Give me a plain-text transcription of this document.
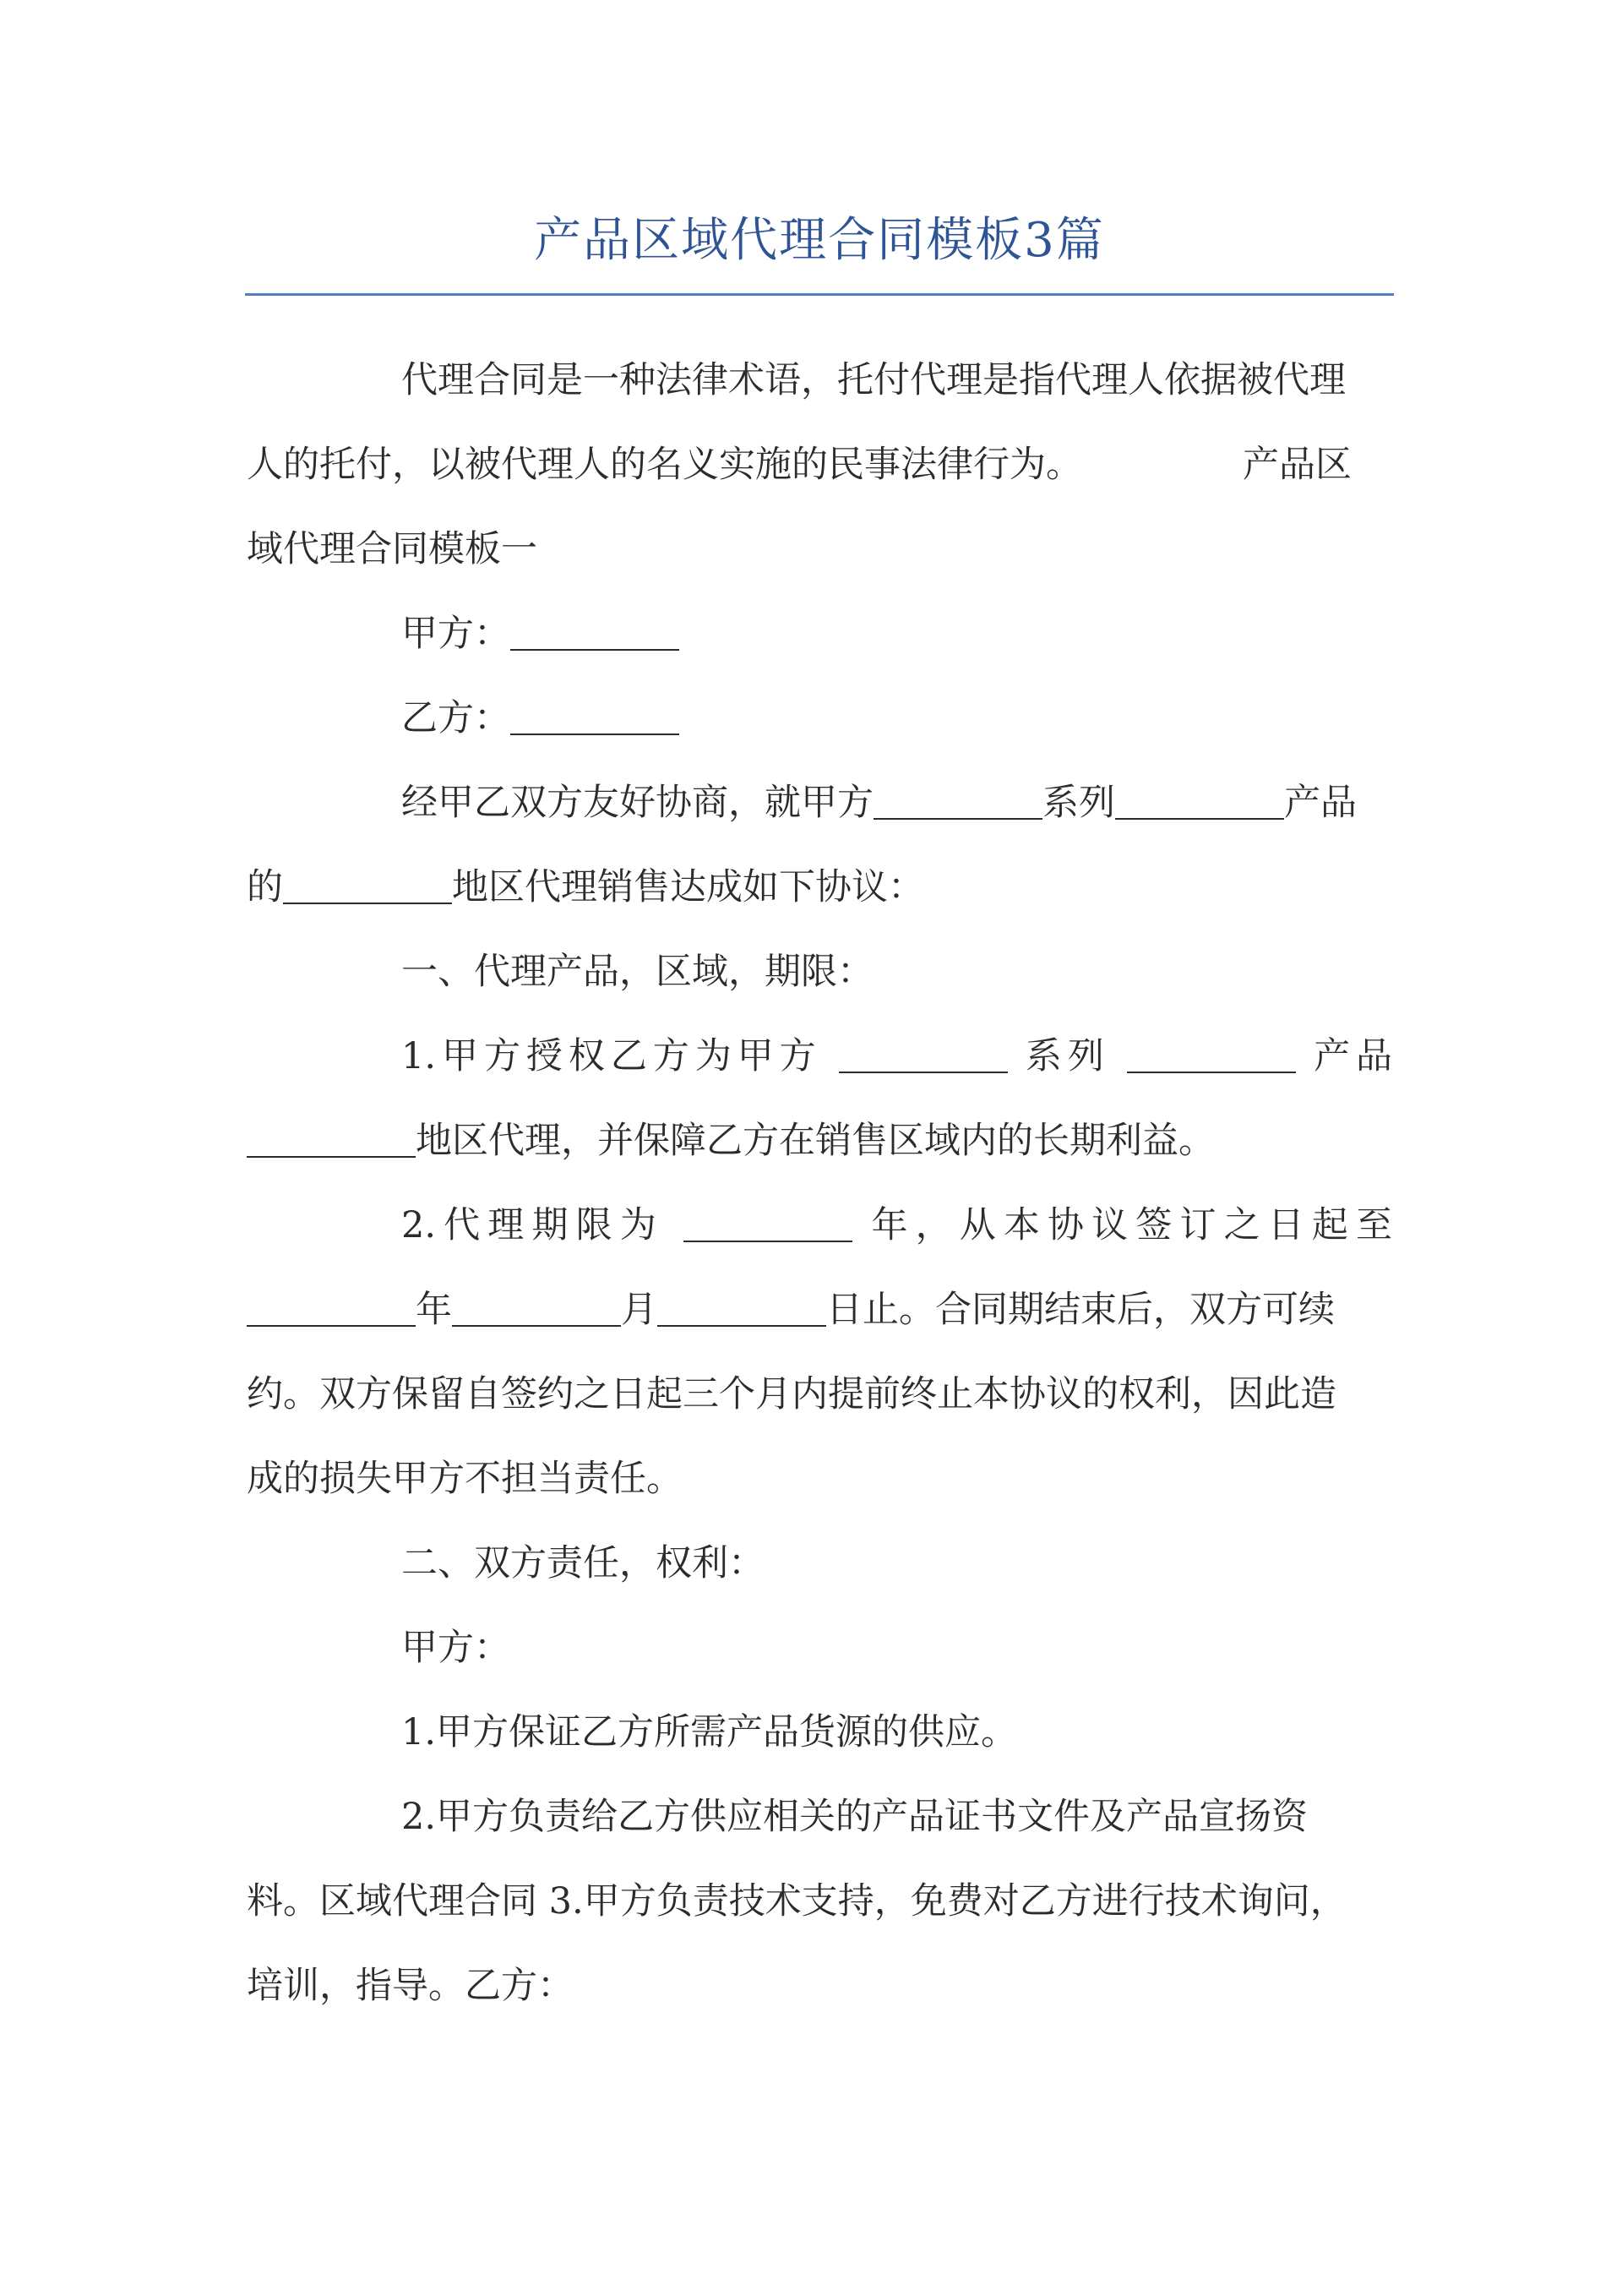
产品区域代理合同模板3篇
代理合同是一种法律术语，托付代理是指代理人依据被代理
人的托付，以被代理人的名义实施的民事法律行为。	产品区
域代理合同模板一
甲方：
乙方：
经甲乙双方友好协商，就甲方	系列	产品
的	地区代理销售达成如下协议：
一、代理产品，区域，期限：
1.甲方授权乙方为甲方	系列	产品
地区代理，并保障乙方在销售区域内的长期利益。
2.代理期限为	年，从本协议签订之日起至
年	月	日止。合同期结束后，双方可续
约。双方保留自签约之日起三个月内提前终止本协议的权利，因此造
成的损失甲方不担当责任。
二、双方责任，权利：
甲方：
1.甲方保证乙方所需产品货源的供应。
2.甲方负责给乙方供应相关的产品证书文件及产品宣扬资
料。区域代理合同 3.甲方负责技术支持，免费对乙方进行技术询问，
培训，指导。乙方：
